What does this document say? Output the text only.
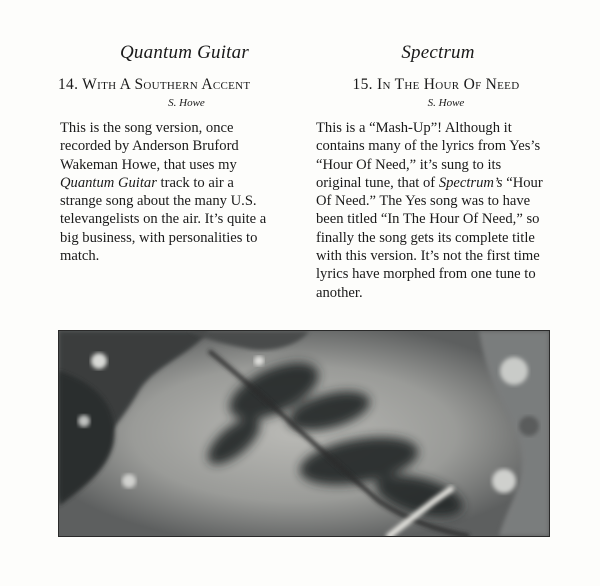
Quantum Guitar
14. With A Southern Accent
S. Howe

This is the song version, once recorded by Anderson Bruford Wakeman Howe, that uses my Quantum Guitar track to air a strange song about the many U.S. televangelists on the air. It’s quite a big business, with personalities to match.

Spectrum
15. In The Hour Of Need
S. Howe

This is a “Mash-Up”! Although it contains many of the lyrics from Yes’s “Hour Of Need,” it’s sung to its original tune, that of Spectrum’s “Hour Of Need.” The Yes song was to have been titled “In The Hour Of Need,” so finally the song gets its complete title with this version. It’s not the first time lyrics have morphed from one tune to another.
